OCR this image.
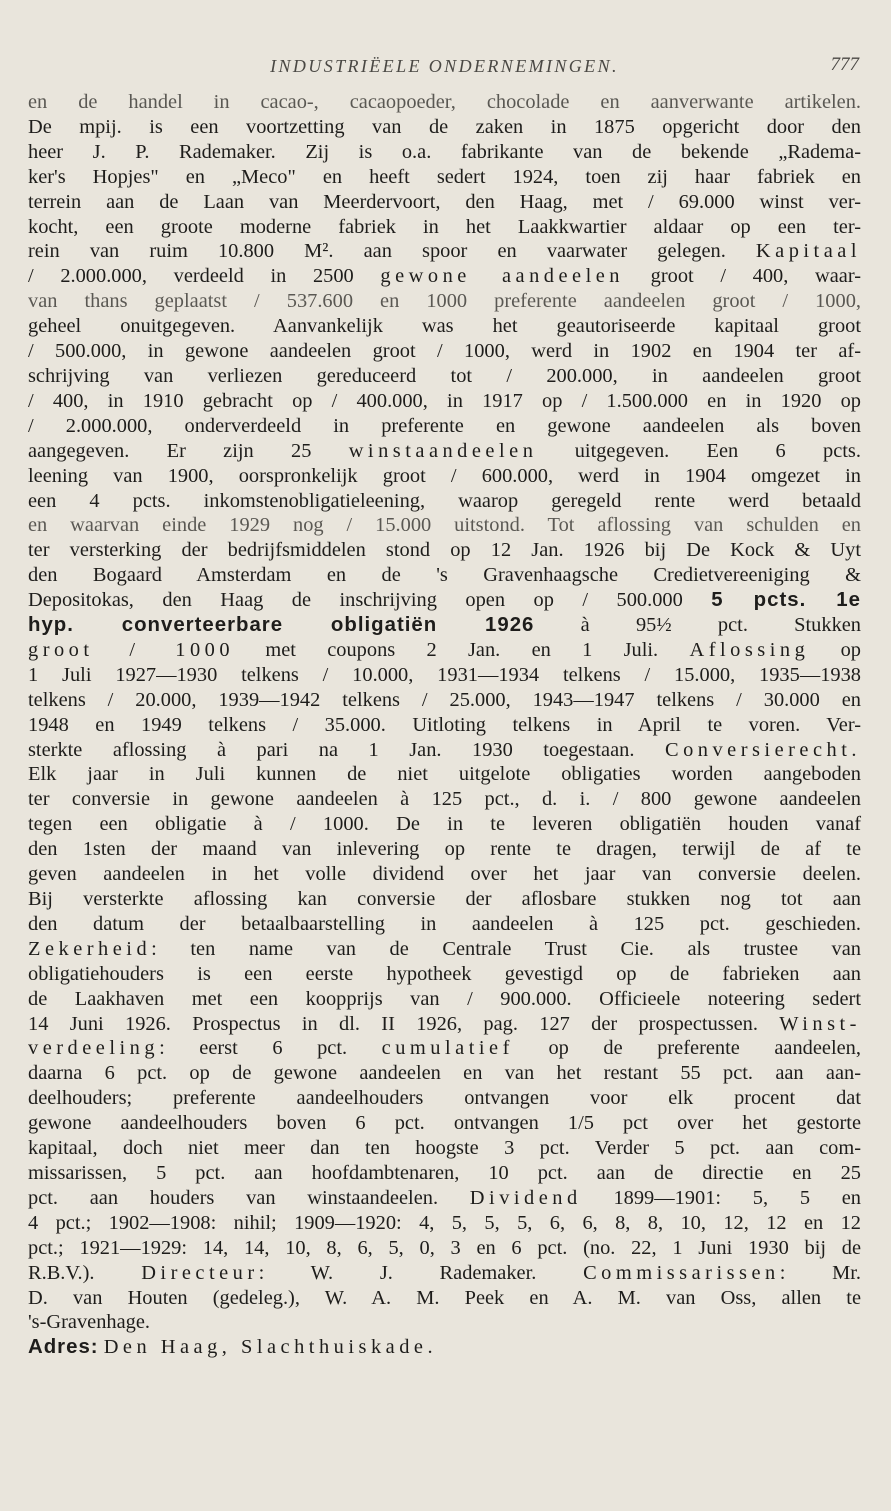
INDUSTRIËELE ONDERNEMINGEN.	777
en de handel in cacao-, cacaopoeder, chocolade en aanverwante artikelen.
De mpij. is een voortzetting van de zaken in 1875 opgericht door den
heer J. P. Rademaker. Zij is o.a. fabrikante van de bekende „Radema-
ker's Hopjes" en „Meco" en heeft sedert 1924, toen zij haar fabriek en
terrein aan de Laan van Meerdervoort, den Haag, met / 69.000 winst ver-
kocht, een groote moderne fabriek in het Laakkwartier aldaar op een ter-
rein van ruim 10.800 M². aan spoor en vaarwater gelegen. Kapitaal
/ 2.000.000, verdeeld in 2500 gewone aandeelen groot / 400, waar-
van thans geplaatst / 537.600 en 1000 preferente aandeelen groot / 1000,
geheel onuitgegeven. Aanvankelijk was het geautoriseerde kapitaal groot
/ 500.000, in gewone aandeelen groot / 1000, werd in 1902 en 1904 ter af-
schrijving van verliezen gereduceerd tot / 200.000, in aandeelen groot
/ 400, in 1910 gebracht op / 400.000, in 1917 op / 1.500.000 en in 1920 op
/ 2.000.000, onderverdeeld in preferente en gewone aandeelen als boven
aangegeven. Er zijn 25 winstaandeelen uitgegeven. Een 6 pcts.
leening van 1900, oorspronkelijk groot / 600.000, werd in 1904 omgezet in
een 4 pcts. inkomstenobligatieleening, waarop geregeld rente werd betaald
en waarvan einde 1929 nog / 15.000 uitstond. Tot aflossing van schulden en
ter versterking der bedrijfsmiddelen stond op 12 Jan. 1926 bij De Kock & Uyt
den Bogaard Amsterdam en de 's Gravenhaagsche Credietvereeniging &
Depositokas, den Haag de inschrijving open op / 500.000 5 pcts. 1e
hyp. converteerbare obligatiën 1926 à 95½ pct. Stukken
groot / 1000 met coupons 2 Jan. en 1 Juli. Aflossing op
1 Juli 1927—1930 telkens / 10.000, 1931—1934 telkens / 15.000, 1935—1938
telkens / 20.000, 1939—1942 telkens / 25.000, 1943—1947 telkens / 30.000 en
1948 en 1949 telkens / 35.000. Uitloting telkens in April te voren. Ver-
sterkte aflossing à pari na 1 Jan. 1930 toegestaan. Conversierecht.
Elk jaar in Juli kunnen de niet uitgelote obligaties worden aangeboden
ter conversie in gewone aandeelen à 125 pct., d. i. / 800 gewone aandeelen
tegen een obligatie à / 1000. De in te leveren obligatiën houden vanaf
den 1sten der maand van inlevering op rente te dragen, terwijl de af te
geven aandeelen in het volle dividend over het jaar van conversie deelen.
Bij versterkte aflossing kan conversie der aflosbare stukken nog tot aan
den datum der betaalbaarstelling in aandeelen à 125 pct. geschieden.
Zekerheid: ten name van de Centrale Trust Cie. als trustee van
obligatiehouders is een eerste hypotheek gevestigd op de fabrieken aan
de Laakhaven met een koopprijs van / 900.000. Officieele noteering sedert
14 Juni 1926. Prospectus in dl. II 1926, pag. 127 der prospectussen. Winst-
verdeeling: eerst 6 pct. cumulatief op de preferente aandeelen,
daarna 6 pct. op de gewone aandeelen en van het restant 55 pct. aan aan-
deelhouders; preferente aandeelhouders ontvangen voor elk procent dat
gewone aandeelhouders boven 6 pct. ontvangen 1/5 pct over het gestorte
kapitaal, doch niet meer dan ten hoogste 3 pct. Verder 5 pct. aan com-
missarissen, 5 pct. aan hoofdambtenaren, 10 pct. aan de directie en 25
pct. aan houders van winstaandeelen. Dividend 1899—1901: 5, 5 en
4 pct.; 1902—1908: nihil; 1909—1920: 4, 5, 5, 5, 6, 6, 8, 8, 10, 12, 12 en 12
pct.; 1921—1929: 14, 14, 10, 8, 6, 5, 0, 3 en 6 pct. (no. 22, 1 Juni 1930 bij de
R.B.V.). Directeur: W. J. Rademaker. Commissarissen: Mr.
D. van Houten (gedeleg.), W. A. M. Peek en A. M. van Oss, allen te
's-Gravenhage.
Adres: Den Haag, Slachthuiskade.
